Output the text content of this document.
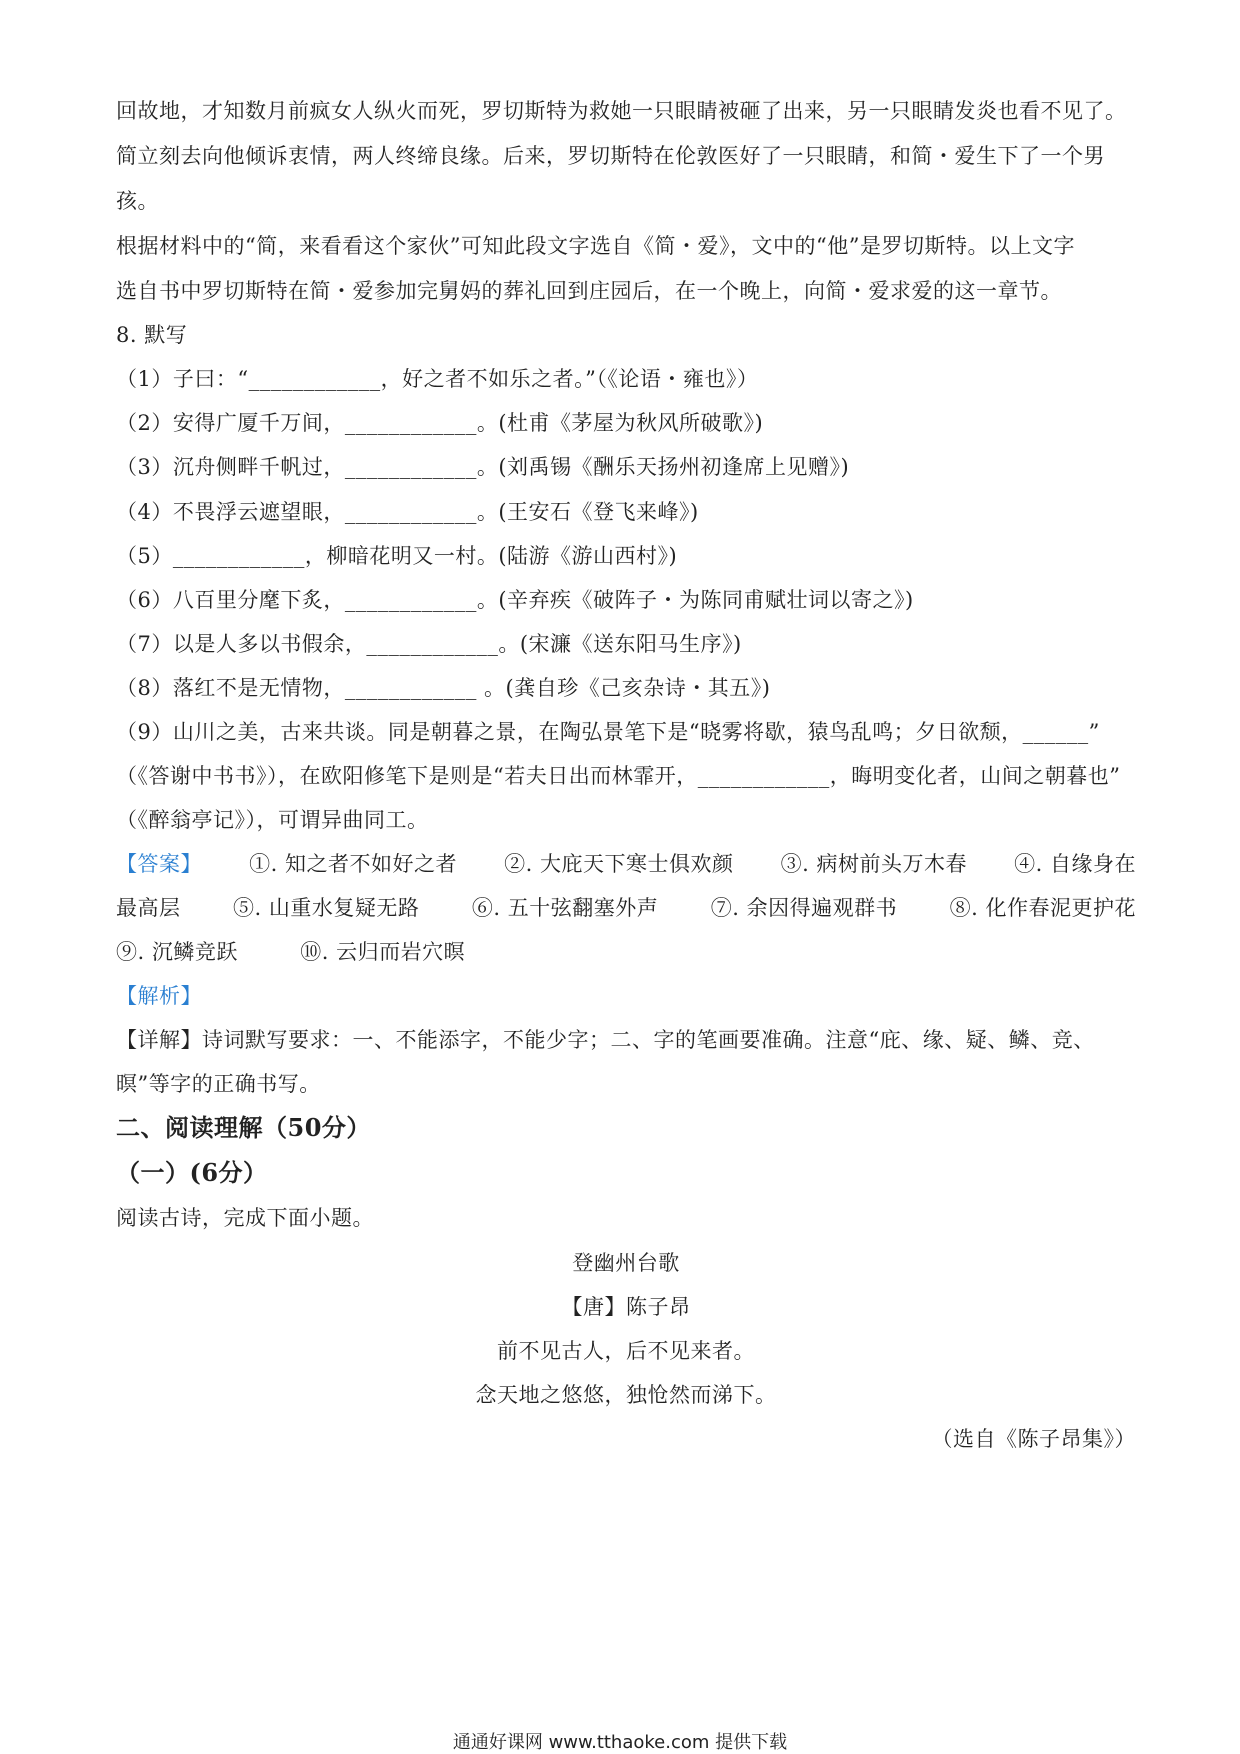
回故地，才知数月前疯女人纵火而死，罗切斯特为救她一只眼睛被砸了出来，另一只眼睛发炎也看不见了。
简立刻去向他倾诉衷情，两人终缔良缘。后来，罗切斯特在伦敦医好了一只眼睛，和简・爱生下了一个男
孩。
根据材料中的“简，来看看这个家伙”可知此段文字选自《简・爱》，文中的“他”是罗切斯特。以上文字
选自书中罗切斯特在简・爱参加完舅妈的葬礼回到庄园后，在一个晚上，向简・爱求爱的这一章节。
8. 默写
（1）子曰：“____________，好之者不如乐之者。”（《论语・雍也》）
（2）安得广厦千万间，____________。(杜甫《茅屋为秋风所破歌》)
（3）沉舟侧畔千帆过，____________。(刘禹锡《酬乐天扬州初逢席上见赠》)
（4）不畏浮云遮望眼，____________。(王安石《登飞来峰》)
（5）____________，柳暗花明又一村。(陆游《游山西村》)
（6）八百里分麾下炙，____________。(辛弃疾《破阵子・为陈同甫赋壮词以寄之》)
（7）以是人多以书假余，____________。(宋濂《送东阳马生序》)
（8）落红不是无情物，____________ 。(龚自珍《己亥杂诗・其五》)
（9）山川之美，古来共谈。同是朝暮之景，在陶弘景笔下是“晓雾将歇，猿鸟乱鸣；夕日欲颓，______”
（《答谢中书书》），在欧阳修笔下是则是“若夫日出而林霏开，____________，晦明变化者，山间之朝暮也”
（《醉翁亭记》），可谓异曲同工。
【答案】 ①. 知之者不如好之者 ②. 大庇天下寒士俱欢颜 ③. 病树前头万木春 ④. 自缘身在
最高层	⑤. 山重水复疑无路	⑥. 五十弦翻塞外声	⑦. 余因得遍观群书	⑧. 化作春泥更护花
⑨. 沉鳞竞跃	⑩. 云归而岩穴暝
【解析】
【详解】诗词默写要求：一、不能添字，不能少字；二、字的笔画要准确。注意“庇、缘、疑、鳞、竞、
暝”等字的正确书写。
二、阅读理解（50分）
（一）(6分）
阅读古诗，完成下面小题。
登幽州台歌
【唐】陈子昂
前不见古人，后不见来者。
念天地之悠悠，独怆然而涕下。
（选自《陈子昂集》）
通通好课网 www.tthaoke.com 提供下载
